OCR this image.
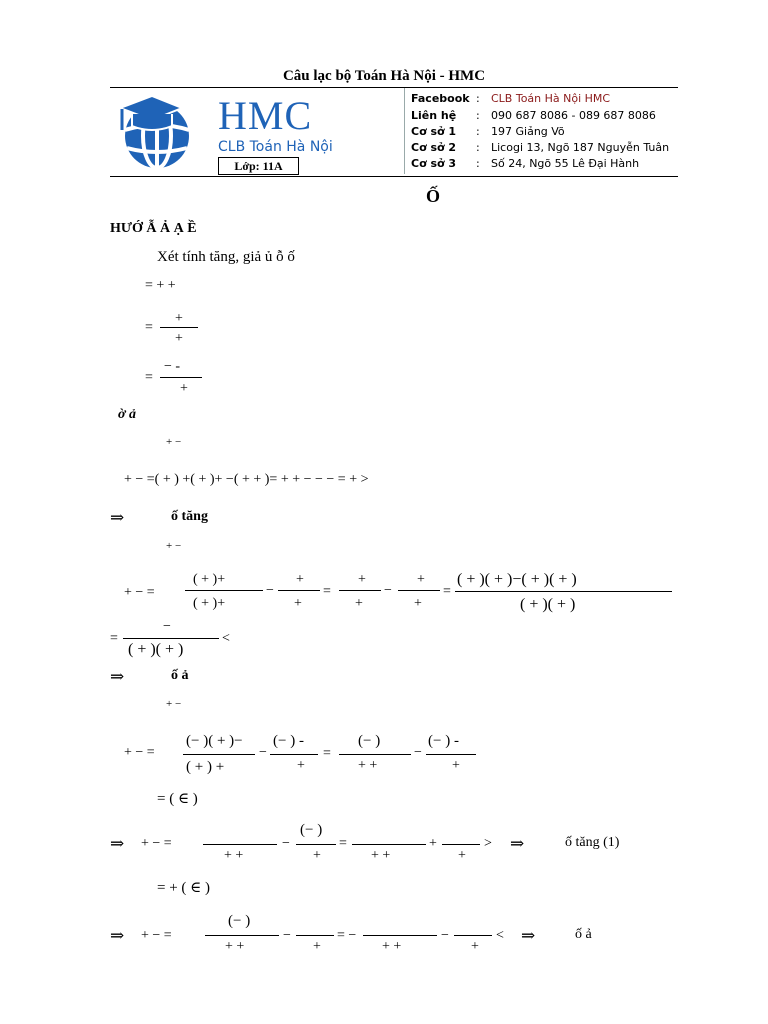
Câu lạc bộ Toán Hà Nội - HMC
HMC
CLB Toán Hà Nội
Lớp: 11A
Facebook : CLB Toán Hà Nội HMC
Liên hệ : 090 687 8086 - 089 687 8086
Cơ sở 1 : 197 Giảng Võ
Cơ sở 2 : Licogi 13, Ngõ 187 Nguyễn Tuân
Cơ sở 3 : Số 24, Ngõ 55 Lê Đại Hành
Ố
HƯỚ Ẫ Ả Ạ Ề
Xét tính tăng, giả ủ ỗ ố
= + +
=
+
+
=
− -
+
ờ ả
+ −
+ − =( + ) +( + )+ −( + + )= + + − − − = + >
⇒	ố tăng
+ −
+ − =
( + )+
( + )+
−
+
+
=
+
+
−
+
+
=
( + )( + )−( + )( + )
( + )( + )
=
−
( + )( + )
<
⇒	ố ả
+ −
+ − =
(− )( + )−
( + ) +
−
(− ) -
+
=
(− )
+ +
−
(− ) -
+
= ( ∈ )
⇒ + − =
+ +
−
(− )
+
=
+ +
+
+
> ⇒	ố tăng (1)
= + ( ∈ )
⇒ + − =
(− )
+ +
−
+
= −
+ +
−
+
< ⇒	ố ả
